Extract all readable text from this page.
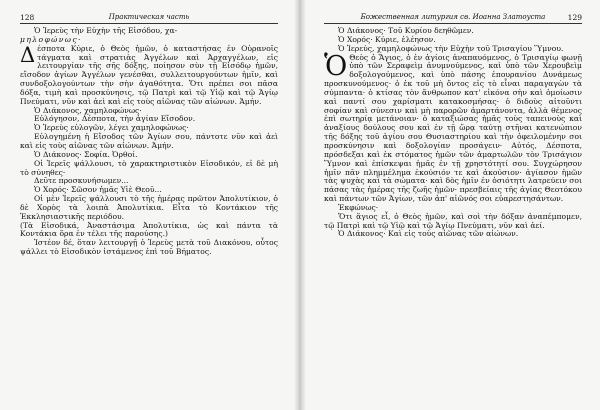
128	Практическая часть

Ὁ Ἱερεὺς τὴν Εὐχὴν τῆς Εἰσόδου, χα-

μηλοφώνως·

Δέσποτα Κύριε, ὁ Θεὸς ἡμῶν, ὁ καταστήσας ἐν Οὐρανοῖς τάγματα καὶ στρατιὰς Ἀγγέλων καὶ Ἀρχαγγέλων, εἰς λειτουργίαν τῆς σῆς δόξης, ποίησον σὺν τῇ Εἰσόδῳ ἡμῶν, εἴσοδον ἁγίων Ἀγγέλων γενέσθαι, συλλειτουργούντων ἡμῖν, καὶ συνδοξολογούντων τὴν σὴν ἀγαθότητα. Ὅτι πρέπει σοι πᾶσα δόξα, τιμὴ καὶ προσκύνησις, τῷ Πατρὶ καὶ τῷ Υἱῷ καὶ τῷ Ἁγίῳ Πνεύματι, νῦν καὶ ἀεὶ καὶ εἰς τοὺς αἰῶνας τῶν αἰώνων. Ἀμήν.

Ὁ Διάκονος, χαμηλοφώνως·

Εὐλόγησον, Δέσποτα, τὴν ἁγίαν Εἴσοδον.

Ὁ Ἱερεὺς εὐλογῶν, λέγει χαμηλοφώνως·

Εὐλογημένη ἡ Εἴσοδος τῶν Ἁγίων σου, πάντοτε νῦν καὶ ἀεὶ καὶ εἰς τοὺς αἰῶνας τῶν αἰώνων. Ἀμήν.

Ὁ Διάκονος· Σοφία. Ὀρθοί.

Οἱ Ἱερεῖς ψάλλουσι, τὸ χαρακτηριστικὸν Εἰσοδικόν, εἰ δὲ μὴ τὸ σύνηθες·

Δεῦτε προσκυνήσωμεν...

Ὁ Χορός· Σῶσον ἡμᾶς Υἱὲ Θεοῦ...

Οἱ μὲν Ἱερεῖς ψάλλουσι τὸ τῆς ἡμέρας πρῶτον Ἀπολυτίκιον, ὁ δὲ Χορὸς τὰ λοιπὰ Ἀπολυτίκια. Εἶτα τὸ Κοντάκιον τῆς Ἐκκλησιαστικῆς περιόδου.

(Τὰ Εἰσοδικά, Ἀναστάσιμα Ἀπολυτίκια, ὡς καὶ πάντα τὰ Κοντάκια ὅρα ἐν τέλει τῆς παρούσης.)

Ἱστέον δέ, ὅταν λειτουργῇ ὁ Ἱερεὺς μετὰ τοῦ Διακόνου, οὗτος ψάλλει τὸ Εἰσοδικὸν ἱστάμενος ἐπὶ τοῦ Βήματος.

Божественная литургия св. Иоанна Златоуста	129

Ὁ Διάκονος· Τοῦ Κυρίου δεηθῶμεν.

Ὁ Χορός· Κύριε, ἐλέησον.

Ὁ Ἱερεύς, χαμηλοφώνως τὴν Εὐχὴν τοῦ Τρισαγίου Ὕμνου.

Ὁ Θεὸς ὁ Ἅγιος, ὁ ἐν ἁγίοις ἀναπαυόμενος, ὁ Τρισαγίῳ φωνῇ ὑπὸ τῶν Σεραφεὶμ ἀνυμνούμενος, καὶ ὑπὸ τῶν Χερουβεὶμ δοξολογούμενος, καὶ ὑπὸ πάσης ἐπουρανίου Δυνάμεως προσκυνούμενος· ὁ ἐκ τοῦ μὴ ὄντος εἰς τὸ εἶναι παραγαγὼν τὰ σύμπαντα· ὁ κτίσας τὸν ἄνθρωπον κατ' εἰκόνα σὴν καὶ ὁμοίωσιν καὶ παντί σου χαρίσματι κατακοσμήσας· ὁ διδοὺς αἰτοῦντι σοφίαν καὶ σύνεσιν καὶ μὴ παρορῶν ἁμαρτάνοντα, ἀλλὰ θέμενος ἐπὶ σωτηρίᾳ μετάνοιαν· ὁ καταξιώσας ἡμᾶς τοὺς ταπεινοὺς καὶ ἀναξίους δούλους σου καὶ ἐν τῇ ὥρᾳ ταύτῃ στῆναι κατενώπιον τῆς δόξης τοῦ ἁγίου σου Θυσιαστηρίου καὶ τὴν ὀφειλομένην σοι προσκύνησιν καὶ δοξολογίαν προσάγειν· Αὐτός, Δέσποτα, πρόσδεξαι καὶ ἐκ στόματος ἡμῶν τῶν ἁμαρτωλῶν τὸν Τρισάγιον Ὕμνον καὶ ἐπίσκεψαι ἡμᾶς ἐν τῇ χρηστότητί σου. Συγχώρησον ἡμῖν πᾶν πλημμέλημα ἑκούσιόν τε καὶ ἀκούσιον· ἁγίασον ἡμῶν τὰς ψυχὰς καὶ τὰ σώματα· καὶ δὸς ἡμῖν ἐν ὁσιότητι λατρεύειν σοι πάσας τὰς ἡμέρας τῆς ζωῆς ἡμῶν· πρεσβείαις τῆς ἁγίας Θεοτόκου καὶ πάντων τῶν Ἁγίων, τῶν ἀπ' αἰῶνός σοι εὐαρεστησάντων.

Ἐκφώνως·

Ὅτι ἅγιος εἶ, ὁ Θεὸς ἡμῶν, καὶ σοὶ τὴν δόξαν ἀναπέμπομεν, τῷ Πατρὶ καὶ τῷ Υἱῷ καὶ τῷ Ἁγίῳ Πνεύματι, νῦν καὶ ἀεί.

Ὁ Διάκονος· Καὶ εἰς τοὺς αἰῶνας τῶν αἰώνων.
